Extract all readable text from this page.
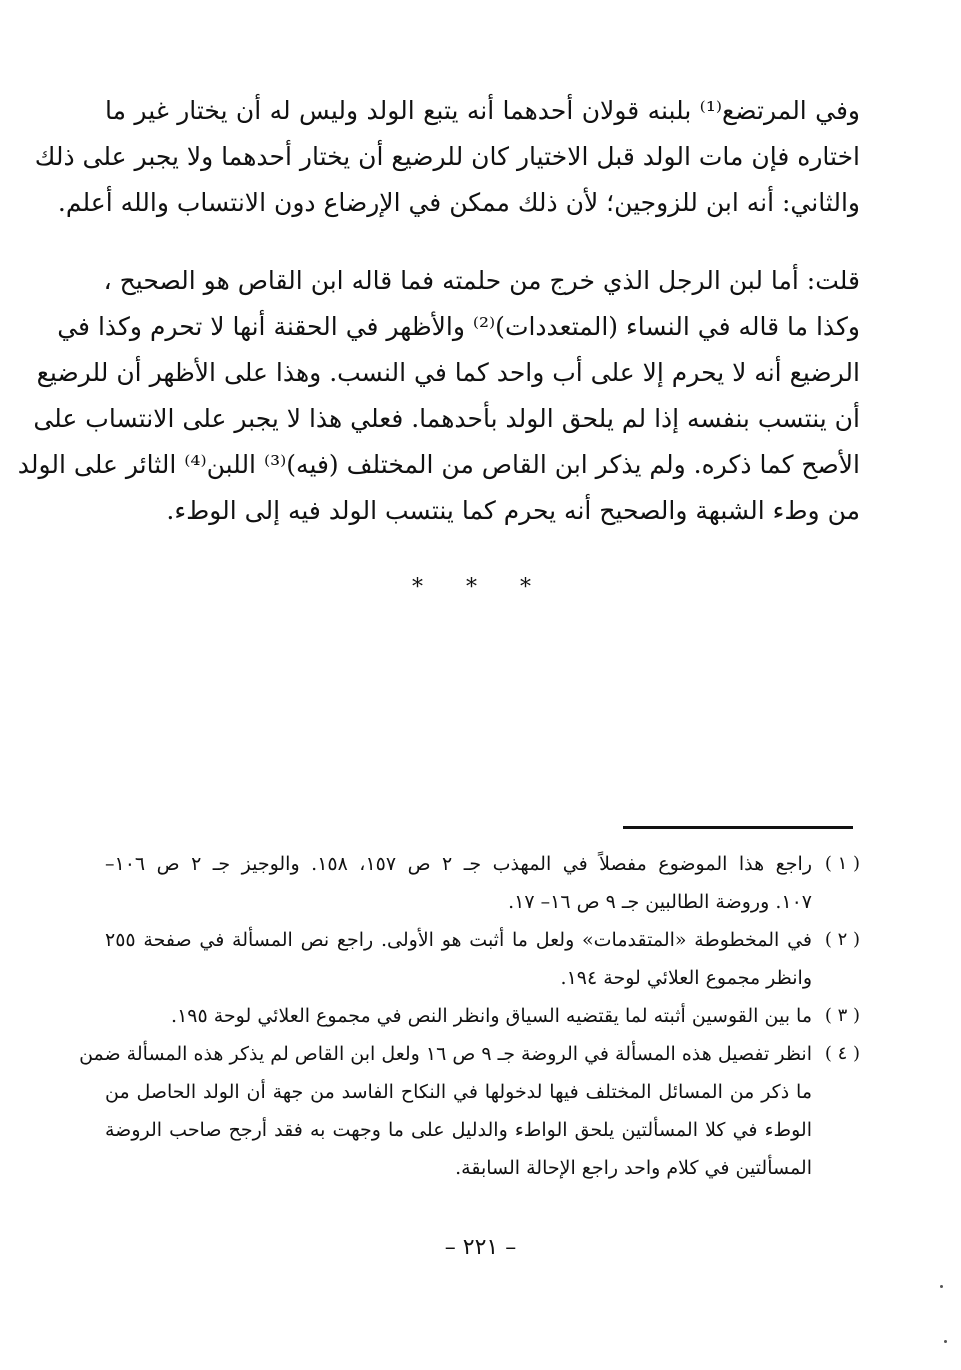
وفي المرتضع⁽¹⁾ بلبنه قولان أحدهما أنه يتبع الولد وليس له أن يختار غير ما
اختاره فإن مات الولد قبل الاختيار كان للرضيع أن يختار أحدهما ولا يجبر على ذلك
والثاني: أنه ابن للزوجين؛ لأن ذلك ممكن في الإرضاع دون الانتساب والله أعلم.
قلت: أما لبن الرجل الذي خرج من حلمته فما قاله ابن القاص هو الصحيح ،
وكذا ما قاله في النساء (المتعددات)⁽²⁾ والأظهر في الحقنة أنها لا تحرم وكذا في
الرضيع أنه لا يحرم إلا على أب واحد كما في النسب. وهذا على الأظهر أن للرضيع
أن ينتسب بنفسه إذا لم يلحق الولد بأحدهما. فعلي هذا لا يجبر على الانتساب على
الأصح كما ذكره. ولم يذكر ابن القاص من المختلف (فيه)⁽³⁾ اللبن⁽⁴⁾ الثائر على الولد
من وطء الشبهة والصحيح أنه يحرم كما ينتسب الولد فيه إلى الوطء.
* * *
( ١ )
راجع هذا الموضوع مفصلاً في المهذب جـ ٢ ص ١٥٧، ١٥٨. والوجيز جـ ٢ ص ١٠٦–
١٠٧. وروضة الطالبين جـ ٩ ص ١٦– ١٧.
( ٢ )
في المخطوطة «المتقدمات» ولعل ما أثبت هو الأولى. راجع نص المسألة في صفحة ٢٥٥
وانظر مجموع العلائي لوحة ١٩٤.
( ٣ )
ما بين القوسين أثبته لما يقتضيه السياق وانظر النص في مجموع العلائي لوحة ١٩٥.
( ٤ )
انظر تفصيل هذه المسألة في الروضة جـ ٩ ص ١٦ ولعل ابن القاص لم يذكر هذه المسألة ضمن
ما ذكر من المسائل المختلف فيها لدخولها في النكاح الفاسد من جهة أن الولد الحاصل من
الوطء في كلا المسألتين يلحق الواطء والدليل على ما وجهت به فقد أرجح صاحب الروضة
المسألتين في كلام واحد راجع الإحالة السابقة.
– ٢٢١ –
